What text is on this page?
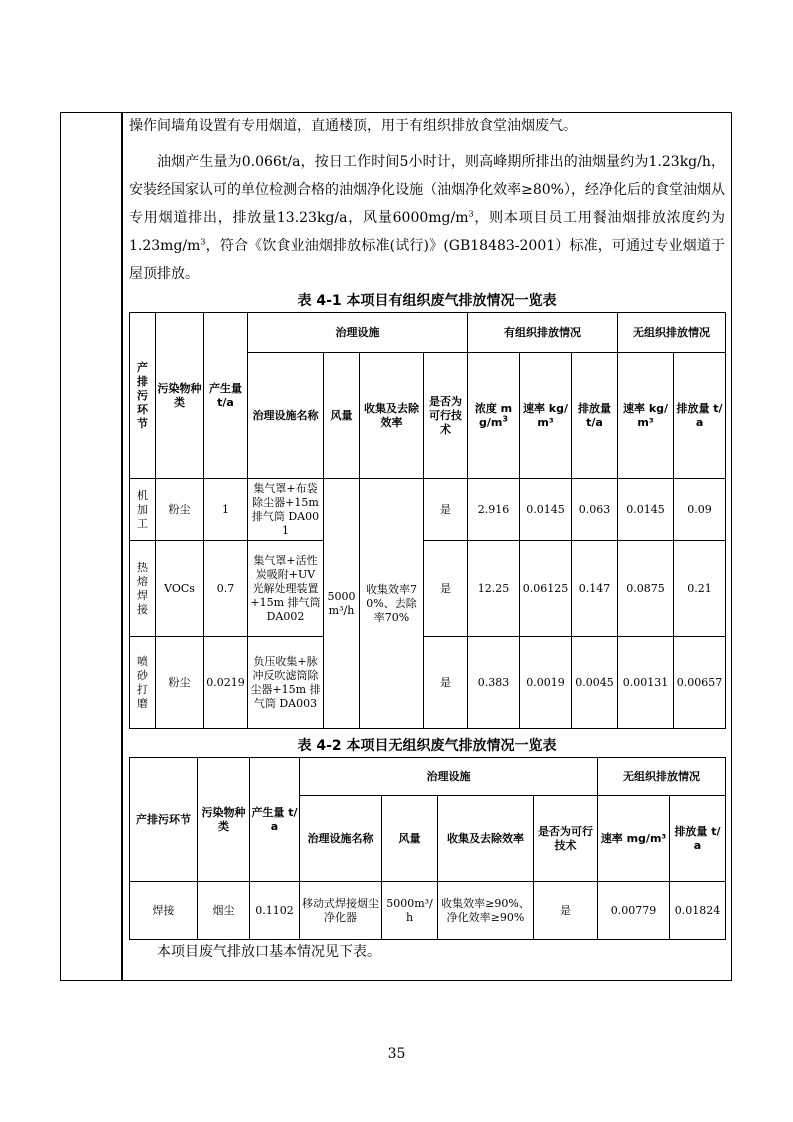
操作间墙角设置有专用烟道，直通楼顶，用于有组织排放食堂油烟废气。

油烟产生量为0.066t/a，按日工作时间5小时计，则高峰期所排出的油烟量约为1.23kg/h，安装经国家认可的单位检测合格的油烟净化设施（油烟净化效率≥80%），经净化后的食堂油烟从专用烟道排出，排放量13.23kg/a，风量$6000mg/m^3$，则本项目员工用餐油烟排放浓度约为$1.23mg/m^3$，符合《饮食业油烟排放标准(试行)》(GB18483-2001）标准，可通过专业烟道于屋顶排放。

表 4-1 本项目有组织废气排放情况一览表
产排污环节	污染物种类	产生量 t/a	治理设施				有组织排放情况			无组织排放情况	
			治理设施名称	风量	收集及去除效率	是否为可行技术	浓度 $mg/m^3$	速率 kg/m³	排放量 t/a	速率 kg/m³	排放量 t/a

机加工	粉尘	1	集气罩+布袋除尘器+15m 排气筒 DA001	5000 m³/h	收集效率70%、去除率70%	是	2.916	0.0145	0.063	0.0145	0.09

热熔焊接	VOCs	0.7	集气罩+活性炭吸附+UV 光解处理装置+15m 排气筒 DA002			是	12.25	0.06125	0.147	0.0875	0.21

喷砂打磨	粉尘	0.0219	负压收集+脉冲反吹滤筒除尘器+15m 排气筒 DA003			是	0.383	0.0019	0.0045	0.00131	0.00657
表 4-2 本项目无组织废气排放情况一览表
产排污环节	污染物种类	产生量 t/a	治理设施				无组织排放情况	
			治理设施名称	风量	收集及去除效率	是否为可行技术	速率 mg/m³	排放量 t/a
焊接	烟尘	0.1102	移动式焊接烟尘净化器	5000m³/h	收集效率≥90%、净化效率≥90%	是	0.00779	0.01824

本项目废气排放口基本情况见下表。

35
